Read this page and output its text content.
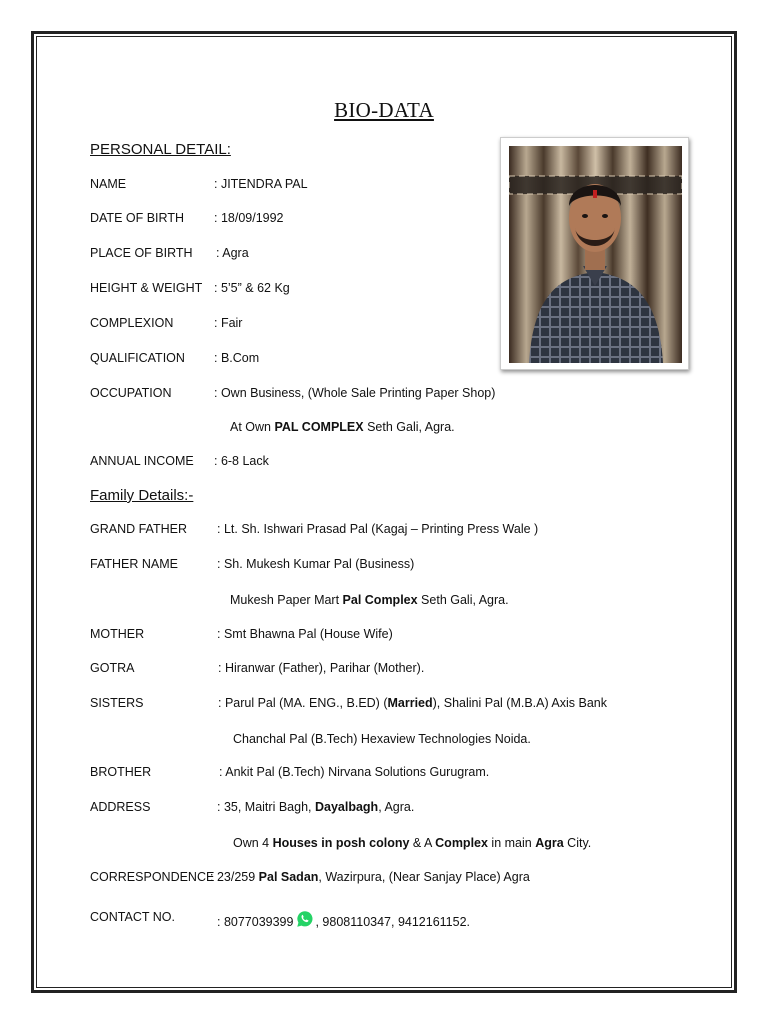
BIO-DATA
PERSONAL DETAIL:
NAME	: JITENDRA PAL
DATE OF BIRTH : 18/09/1992
PLACE OF BIRTH : Agra
HEIGHT & WEIGHT : 5’5” & 62 Kg
COMPLEXION	: Fair
QUALIFICATION : B.Com
OCCUPATION	: Own Business, (Whole Sale Printing Paper Shop)
At Own PAL COMPLEX Seth Gali, Agra.
ANNUAL INCOME : 6-8 Lack
Family Details:-
GRAND FATHER : Lt. Sh. Ishwari Prasad Pal (Kagaj – Printing Press Wale )
FATHER NAME	: Sh. Mukesh Kumar Pal (Business)
Mukesh Paper Mart Pal Complex Seth Gali, Agra.
MOTHER	: Smt Bhawna Pal (House Wife)
GOTRA	: Hiranwar (Father), Parihar (Mother).
SISTERS	: Parul Pal (MA. ENG., B.ED) (Married), Shalini Pal (M.B.A) Axis Bank
Chanchal Pal (B.Tech) Hexaview Technologies Noida.
BROTHER	: Ankit Pal (B.Tech) Nirvana Solutions Gurugram.
ADDRESS	: 35, Maitri Bagh, Dayalbagh, Agra.
Own 4 Houses in posh colony & A Complex in main Agra City.
CORRESPONDENCE
: 23/259 Pal Sadan, Wazirpura, (Near Sanjay Place) Agra
CONTACT NO.	: 8077039399 , 9808110347, 9412161152.
